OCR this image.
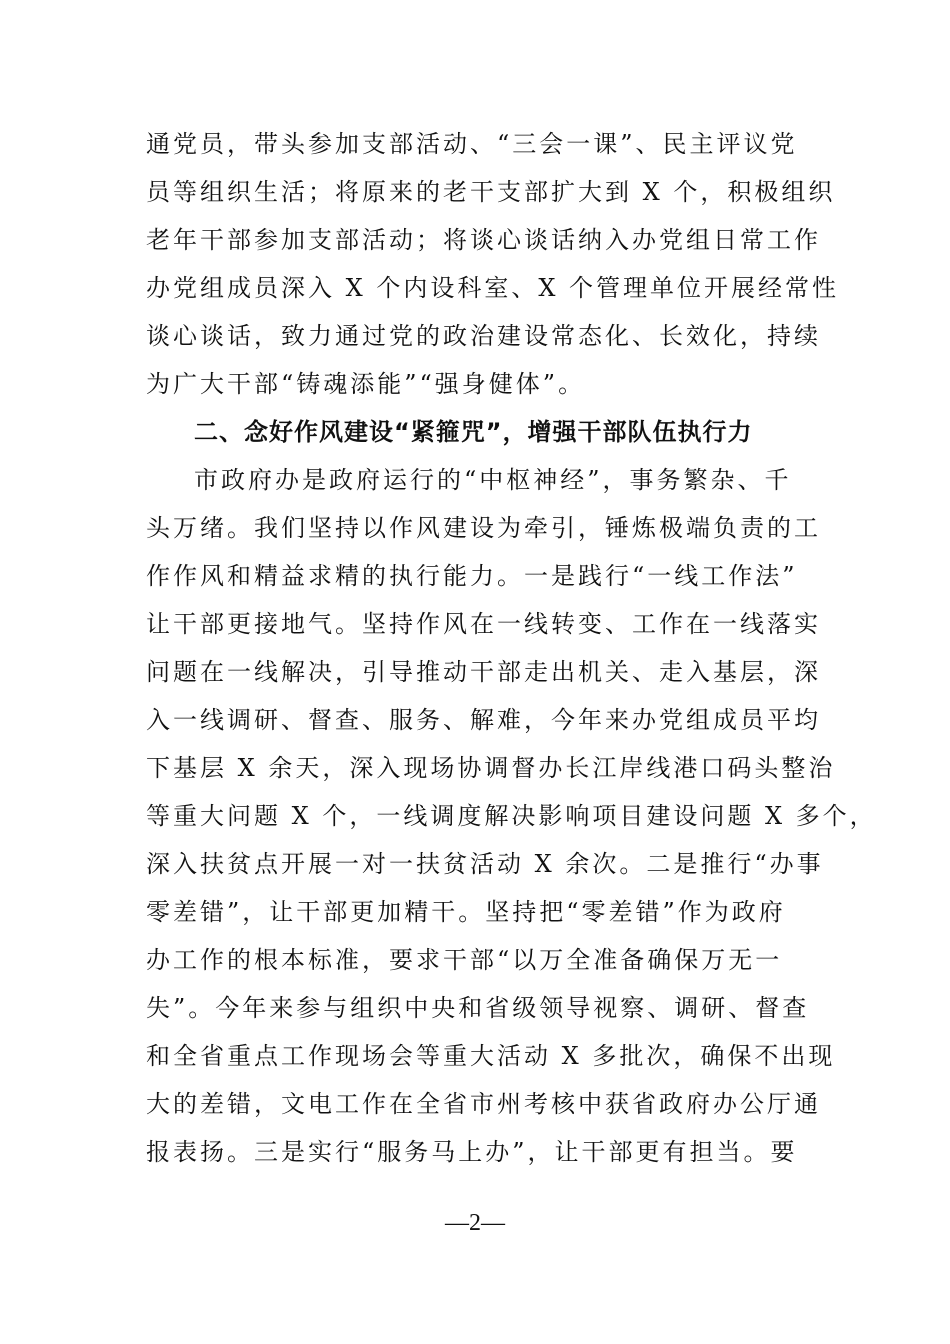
通党员，带头参加支部活动、“三会一课”、民主评议党
员等组织生活；将原来的老干支部扩大到 X 个，积极组织
老年干部参加支部活动；将谈心谈话纳入办党组日常工作
办党组成员深入 X 个内设科室、X 个管理单位开展经常性
谈心谈话，致力通过党的政治建设常态化、长效化，持续
为广大干部“铸魂添能”“强身健体”。
二、念好作风建设“紧箍咒”，增强干部队伍执行力
市政府办是政府运行的“中枢神经”，事务繁杂、千
头万绪。我们坚持以作风建设为牵引，锤炼极端负责的工
作作风和精益求精的执行能力。一是践行“一线工作法”
让干部更接地气。坚持作风在一线转变、工作在一线落实
问题在一线解决，引导推动干部走出机关、走入基层，深
入一线调研、督查、服务、解难，今年来办党组成员平均
下基层 X 余天，深入现场协调督办长江岸线港口码头整治
等重大问题 X 个，一线调度解决影响项目建设问题 X 多个，
深入扶贫点开展一对一扶贫活动 X 余次。二是推行“办事
零差错”，让干部更加精干。坚持把“零差错”作为政府
办工作的根本标准，要求干部“以万全准备确保万无一
失”。今年来参与组织中央和省级领导视察、调研、督查
和全省重点工作现场会等重大活动 X 多批次，确保不出现
大的差错，文电工作在全省市州考核中获省政府办公厅通
报表扬。三是实行“服务马上办”，让干部更有担当。要
—2—
